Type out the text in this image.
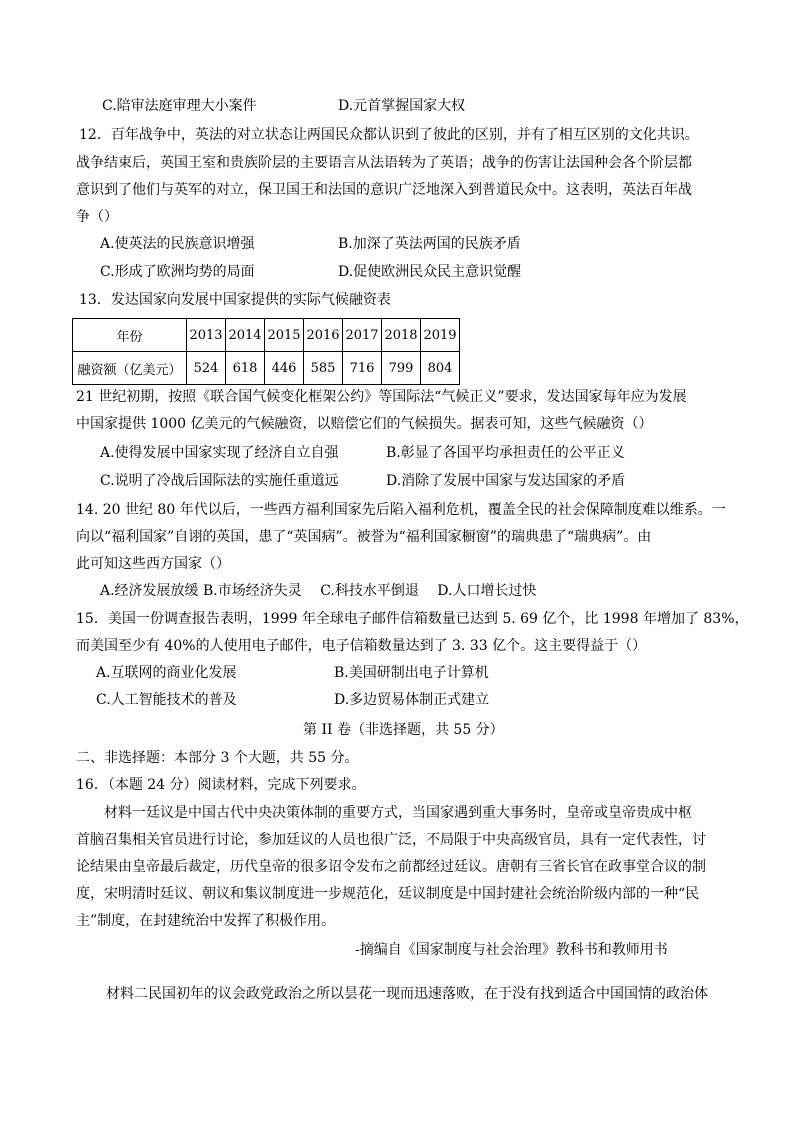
C.陪审法庭审理大小案件	D.元首掌握国家大权
12．百年战争中，英法的对立状态让两国民众都认识到了彼此的区别，并有了相互区别的文化共识。
战争结束后，英国王室和贵族阶层的主要语言从法语转为了英语；战争的伤害让法国种会各个阶层都
意识到了他们与英军的对立，保卫国王和法国的意识广泛地深入到普道民众中。这表明，英法百年战
争（）
A.使英法的民族意识增强	B.加深了英法两国的民族矛盾
C.形成了欧洲均势的局面	D.促使欧洲民众民主意识觉醒
13．发达国家向发展中国家提供的实际气候融资表
年份	2013	2014	2015	2016	2017	2018	2019
融资额（亿美元）	524	618	446	585	716	799	804
21 世纪初期，按照《联合国气候变化框架公约》等国际法“气候正义”要求，发达国家每年应为发展
中国家提供 1000 亿美元的气候融资，以赔偿它们的气候损失。据表可知，这些气候融资（）
A.使得发展中国家实现了经济自立自强	B.彰显了各国平均承担责任的公平正义
C.说明了冷战后国际法的实施任重道远	D.消除了发展中国家与发达国家的矛盾
14. 20 世纪 80 年代以后，一些西方福利国家先后陷入福利危机，覆盖全民的社会保障制度难以维系。一
向以“福利国家”自诩的英国，患了“英国病”。被誉为“福利国家橱窗”的瑞典患了“瑞典病”。由
此可知这些西方国家（）
A.经济发展放缓 B.市场经济失灵　 C.科技水平倒退　 D.人口增长过快
15．美国一份调查报告表明，1999 年全球电子邮件信箱数量已达到 5. 69 亿个，比 1998 年增加了 83%，
而美国至少有 40%的人使用电子邮件，电子信箱数量达到了 3. 33 亿个。这主要得益于（）
A.互联网的商业化发展	B.美国研制出电子计算机
C.人工智能技术的普及	D.多边贸易体制正式建立
第 II 卷（非选择题，共 55 分）
二、非选择题：本部分 3 个大题，共 55 分。
16．（本题 24 分）阅读材料，完成下列要求。
材料一廷议是中国古代中央决策体制的重要方式，当国家遇到重大事务时，皇帝或皇帝贵成中枢
首脑召集相关官员进行讨论，参加廷议的人员也很广泛，不局限于中央高级官员，具有一定代表性，讨
论结果由皇帝最后裁定，历代皇帝的很多诏令发布之前都经过廷议。唐朝有三省长官在政事堂合议的制
度，宋明清时廷议、朝议和集议制度进一步规范化，廷议制度是中国封建社会统治阶级内部的一种“民
主”制度，在封建统治中发挥了积极作用。
-摘编自《国家制度与社会治理》教科书和教师用书
材料二民国初年的议会政党政治之所以昙花一现而迅速落败，在于没有找到适合中国国情的政治体
